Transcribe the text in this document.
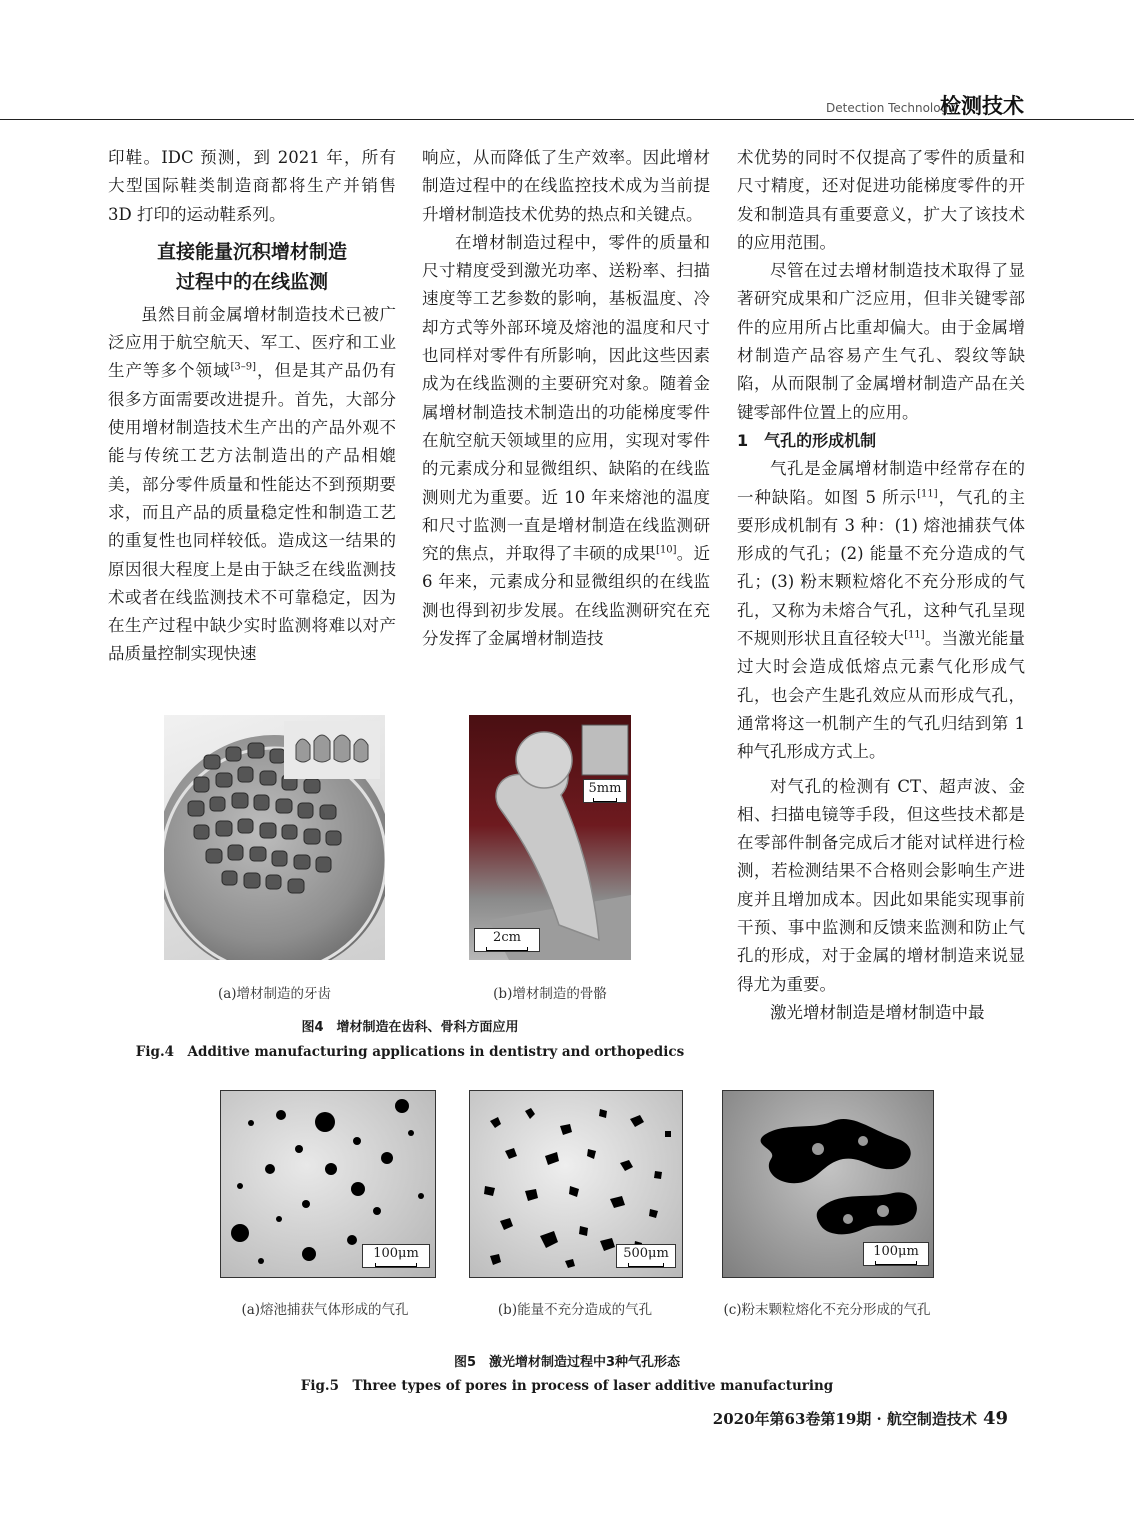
Detection Technology
检测技术

印鞋。IDC 预测，到 2021 年，所有大型国际鞋类制造商都将生产并销售 3D 打印的运动鞋系列。

直接能量沉积增材制造
过程中的在线监测

虽然目前金属增材制造技术已被广泛应用于航空航天、军工、医疗和工业生产等多个领域[3–9]，但是其产品仍有很多方面需要改进提升。首先，大部分使用增材制造技术生产出的产品外观不能与传统工艺方法制造出的产品相媲美，部分零件质量和性能达不到预期要求，而且产品的质量稳定性和制造工艺的重复性也同样较低。造成这一结果的原因很大程度上是由于缺乏在线监测技术或者在线监测技术不可靠稳定，因为在生产过程中缺少实时监测将难以对产品质量控制实现快速

响应，从而降低了生产效率。因此增材制造过程中的在线监控技术成为当前提升增材制造技术优势的热点和关键点。

在增材制造过程中，零件的质量和尺寸精度受到激光功率、送粉率、扫描速度等工艺参数的影响，基板温度、冷却方式等外部环境及熔池的温度和尺寸也同样对零件有所影响，因此这些因素成为在线监测的主要研究对象。随着金属增材制造技术制造出的功能梯度零件在航空航天领域里的应用，实现对零件的元素成分和显微组织、缺陷的在线监测则尤为重要。近 10 年来熔池的温度和尺寸监测一直是增材制造在线监测研究的焦点，并取得了丰硕的成果[10]。近 6 年来，元素成分和显微组织的在线监测也得到初步发展。在线监测研究在充分发挥了金属增材制造技

术优势的同时不仅提高了零件的质量和尺寸精度，还对促进功能梯度零件的开发和制造具有重要意义，扩大了该技术的应用范围。

尽管在过去增材制造技术取得了显著研究成果和广泛应用，但非关键零部件的应用所占比重却偏大。由于金属增材制造产品容易产生气孔、裂纹等缺陷，从而限制了金属增材制造产品在关键零部件位置上的应用。

1　气孔的形成机制

气孔是金属增材制造中经常存在的一种缺陷。如图 5 所示[11]，气孔的主要形成机制有 3 种：(1) 熔池捕获气体形成的气孔；(2) 能量不充分造成的气孔；(3) 粉末颗粒熔化不充分形成的气孔，又称为未熔合气孔，这种气孔呈现不规则形状且直径较大[11]。当激光能量过大时会造成低熔点元素气化形成气孔，也会产生匙孔效应从而形成气孔，通常将这一机制产生的气孔归结到第 1 种气孔形成方式上。

对气孔的检测有 CT、超声波、金相、扫描电镜等手段，但这些技术都是在零部件制备完成后才能对试样进行检测，若检测结果不合格则会影响生产进度并且增加成本。因此如果能实现事前干预、事中监测和反馈来监测和防止气孔的形成，对于金属的增材制造来说显得尤为重要。

激光增材制造是增材制造中最

5mm
2cm
(a)增材制造的牙齿	(b)增材制造的骨骼
图4　增材制造在齿科、骨科方面应用
Fig.4　Additive manufacturing applications in dentistry and orthopedics
100μm	500μm	100μm
(a)熔池捕获气体形成的气孔	(b)能量不充分造成的气孔	(c)粉末颗粒熔化不充分形成的气孔
图5　激光增材制造过程中3种气孔形态
Fig.5　Three types of pores in process of laser additive manufacturing
2020年第63卷第19期 · 航空制造技术 49
